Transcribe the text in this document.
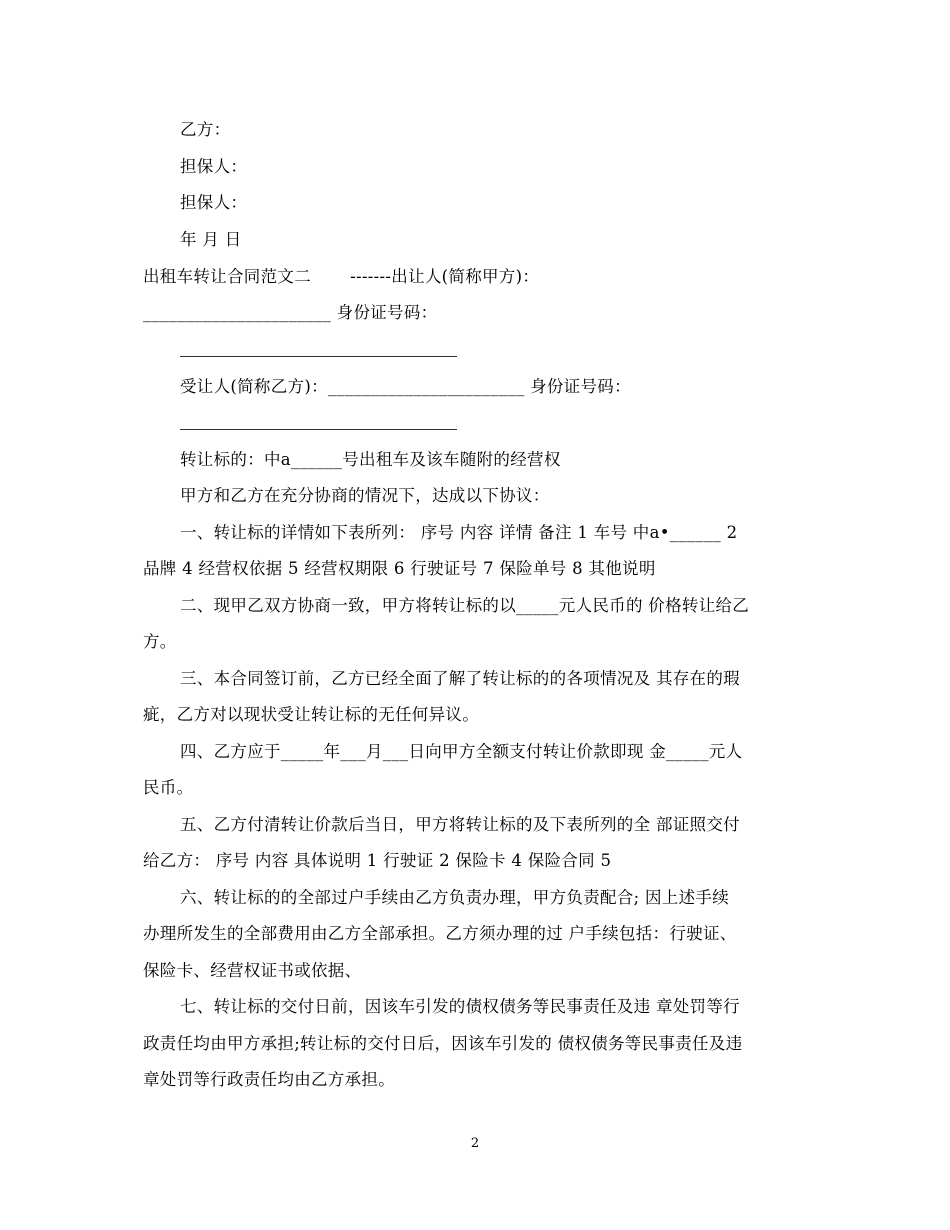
乙方：
担保人：
担保人：
年 月 日
出租车转让合同范文二　　 -------出让人(简称甲方)：
______________________ 身份证号码：
受让人(简称乙方)：_______________________ 身份证号码：
转让标的：中a______号出租车及该车随附的经营权
甲方和乙方在充分协商的情况下，达成以下协议：
一、转让标的详情如下表所列： 序号 内容 详情 备注 1 车号 中a•______ 2
品牌 4 经营权依据 5 经营权期限 6 行驶证号 7 保险单号 8 其他说明
二、现甲乙双方协商一致，甲方将转让标的以_____元人民币的 价格转让给乙
方。
三、本合同签订前，乙方已经全面了解了转让标的的各项情况及 其存在的瑕
疵，乙方对以现状受让转让标的无任何异议。
四、乙方应于_____年___月___日向甲方全额支付转让价款即现 金_____元人
民币。
五、乙方付清转让价款后当日，甲方将转让标的及下表所列的全 部证照交付
给乙方： 序号 内容 具体说明 1 行驶证 2 保险卡 4 保险合同 5
六、转让标的的全部过户手续由乙方负责办理，甲方负责配合; 因上述手续
办理所发生的全部费用由乙方全部承担。乙方须办理的过 户手续包括：行驶证、
保险卡、经营权证书或依据、
七、转让标的交付日前，因该车引发的债权债务等民事责任及违 章处罚等行
政责任均由甲方承担;转让标的交付日后，因该车引发的 债权债务等民事责任及违
章处罚等行政责任均由乙方承担。
2
